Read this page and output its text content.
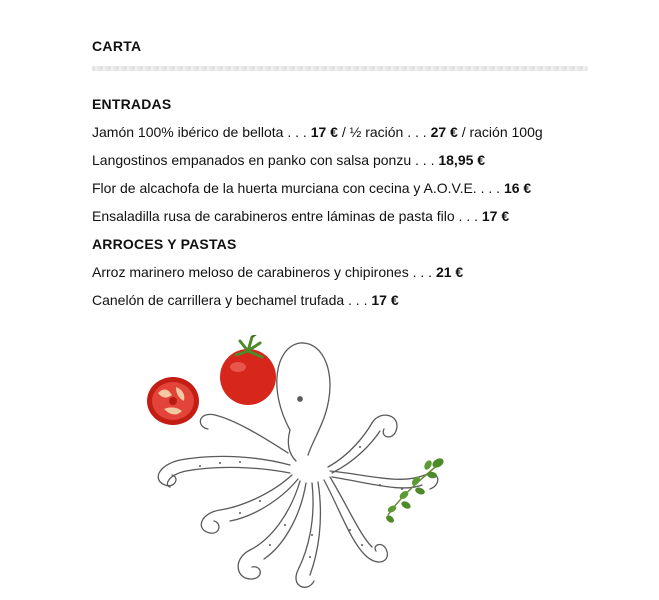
CARTA
ENTRADAS
Jamón 100% ibérico de bellota . . . 17 € / ½ ración . . . 27 € / ración 100g
Langostinos empanados en panko con salsa ponzu . . . 18,95 €
Flor de alcachofa de la huerta murciana con cecina y A.O.V.E. . . . 16 €
Ensaladilla rusa de carabineros entre láminas de pasta filo . . . 17 €
ARROCES Y PASTAS
Arroz marinero meloso de carabineros y chipirones . . . 21 €
Canelón de carrillera y bechamel trufada . . . 17 €
